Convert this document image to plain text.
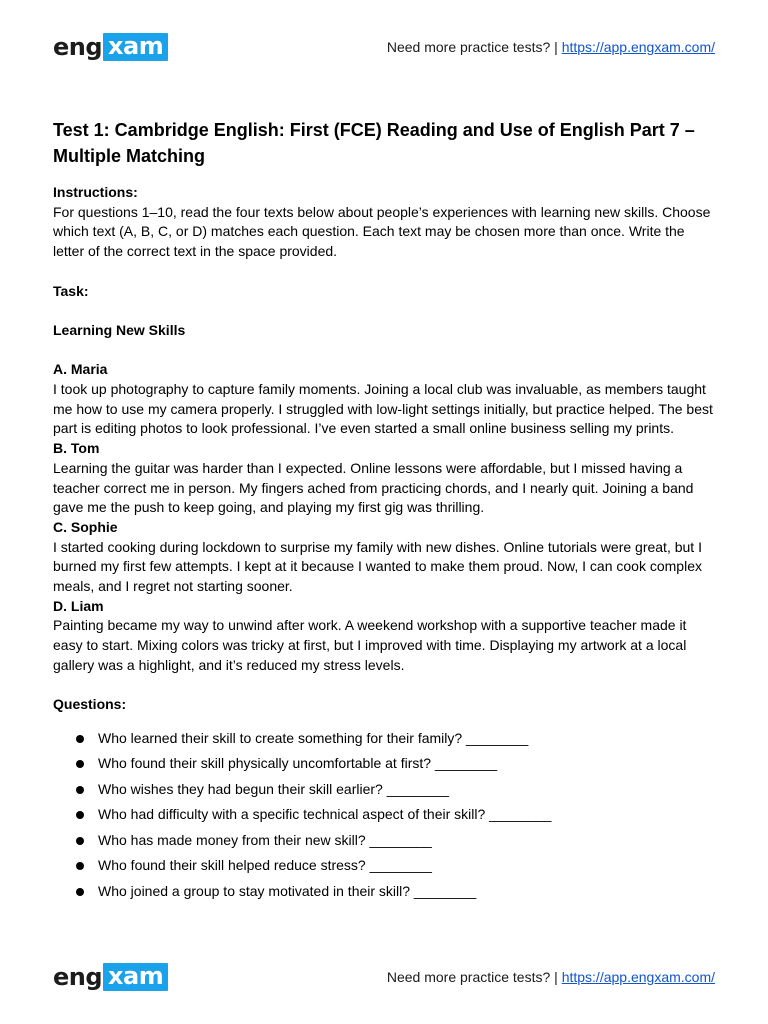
eng xam	Need more practice tests? | https://app.engxam.com/
Test 1: Cambridge English: First (FCE) Reading and Use of English Part 7 – Multiple Matching

Instructions:

For questions 1–10, read the four texts below about people’s experiences with learning new skills. Choose which text (A, B, C, or D) matches each question. Each text may be chosen more than once. Write the letter of the correct text in the space provided.

Task:

Learning New Skills

A. Maria

I took up photography to capture family moments. Joining a local club was invaluable, as members taught me how to use my camera properly. I struggled with low-light settings initially, but practice helped. The best part is editing photos to look professional. I’ve even started a small online business selling my prints.

B. Tom

Learning the guitar was harder than I expected. Online lessons were affordable, but I missed having a teacher correct me in person. My fingers ached from practicing chords, and I nearly quit. Joining a band gave me the push to keep going, and playing my first gig was thrilling.

C. Sophie

I started cooking during lockdown to surprise my family with new dishes. Online tutorials were great, but I burned my first few attempts. I kept at it because I wanted to make them proud. Now, I can cook complex meals, and I regret not starting sooner.

D. Liam

Painting became my way to unwind after work. A weekend workshop with a supportive teacher made it easy to start. Mixing colors was tricky at first, but I improved with time. Displaying my artwork at a local gallery was a highlight, and it’s reduced my stress levels.

Questions:

Who learned their skill to create something for their family? ________
Who found their skill physically uncomfortable at first? ________
Who wishes they had begun their skill earlier? ________
Who had difficulty with a specific technical aspect of their skill? ________
Who has made money from their new skill? ________
Who found their skill helped reduce stress? ________
Who joined a group to stay motivated in their skill? ________
eng xam	Need more practice tests? | https://app.engxam.com/
